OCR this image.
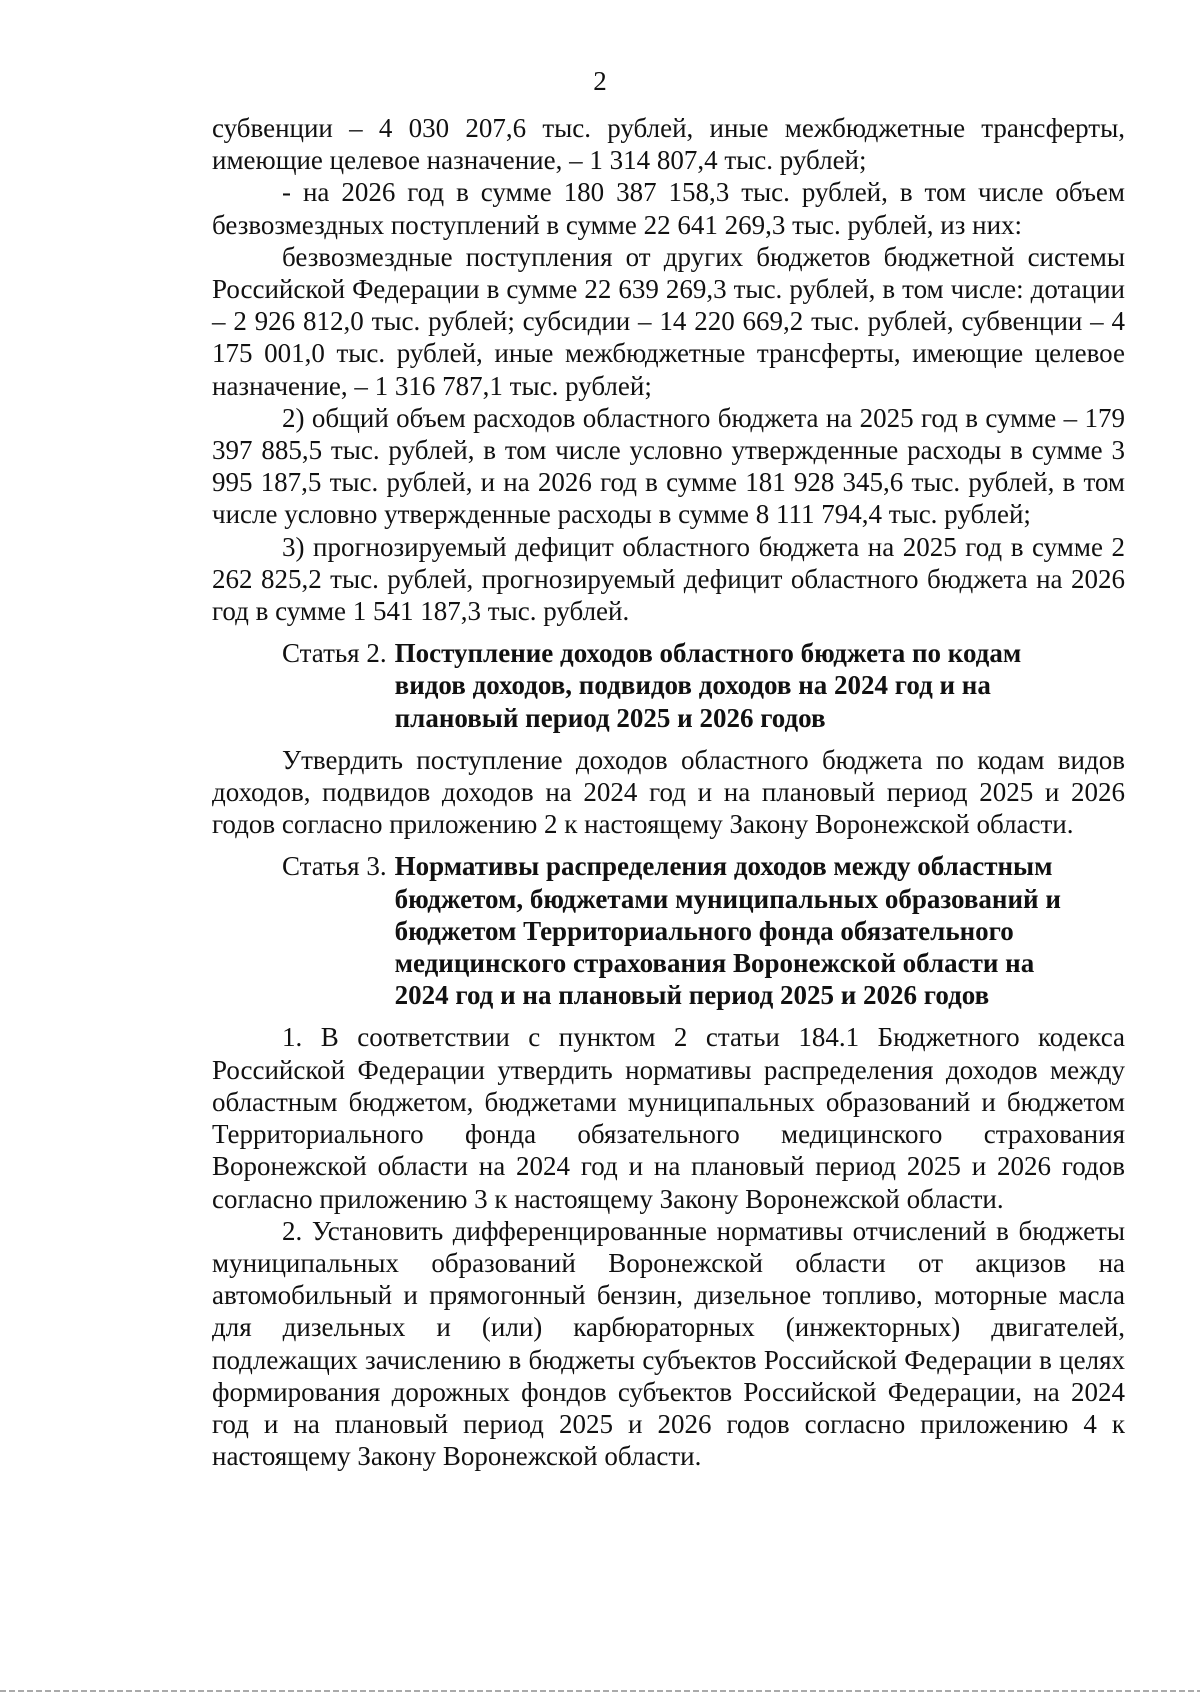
2

субвенции – 4 030 207,6 тыс. рублей, иные межбюджетные трансферты, имеющие целевое назначение, – 1 314 807,4 тыс. рублей;

- на 2026 год в сумме 180 387 158,3 тыс. рублей, в том числе объем безвозмездных поступлений в сумме 22 641 269,3 тыс. рублей, из них:

безвозмездные поступления от других бюджетов бюджетной системы Российской Федерации в сумме 22 639 269,3 тыс. рублей, в том числе: дотации – 2 926 812,0 тыс. рублей; субсидии – 14 220 669,2 тыс. рублей, субвенции – 4 175 001,0 тыс. рублей, иные межбюджетные трансферты, имеющие целевое назначение, – 1 316 787,1 тыс. рублей;

2) общий объем расходов областного бюджета на 2025 год в сумме – 179 397 885,5 тыс. рублей, в том числе условно утвержденные расходы в сумме 3 995 187,5 тыс. рублей, и на 2026 год в сумме 181 928 345,6 тыс. рублей, в том числе условно утвержденные расходы в сумме 8 111 794,4 тыс. рублей;

3) прогнозируемый дефицит областного бюджета на 2025 год в сумме 2 262 825,2 тыс. рублей, прогнозируемый дефицит областного бюджета на 2026 год в сумме 1 541 187,3 тыс. рублей.

Статья 2. Поступление доходов областного бюджета по кодам
видов доходов, подвидов доходов на 2024 год и на
плановый период 2025 и 2026 годов

Утвердить поступление доходов областного бюджета по кодам видов доходов, подвидов доходов на 2024 год и на плановый период 2025 и 2026 годов согласно приложению 2 к настоящему Закону Воронежской области.

Статья 3. Нормативы распределения доходов между областным
бюджетом, бюджетами муниципальных образований и
бюджетом Территориального фонда обязательного
медицинского страхования Воронежской области на
2024 год и на плановый период 2025 и 2026 годов

1. В соответствии с пунктом 2 статьи 184.1 Бюджетного кодекса Российской Федерации утвердить нормативы распределения доходов между областным бюджетом, бюджетами муниципальных образований и бюджетом Территориального фонда обязательного медицинского страхования Воронежской области на 2024 год и на плановый период 2025 и 2026 годов согласно приложению 3 к настоящему Закону Воронежской области.

2. Установить дифференцированные нормативы отчислений в бюджеты муниципальных образований Воронежской области от акцизов на автомобильный и прямогонный бензин, дизельное топливо, моторные масла для дизельных и (или) карбюраторных (инжекторных) двигателей, подлежащих зачислению в бюджеты субъектов Российской Федерации в целях формирования дорожных фондов субъектов Российской Федерации, на 2024 год и на плановый период 2025 и 2026 годов согласно приложению 4 к настоящему Закону Воронежской области.
